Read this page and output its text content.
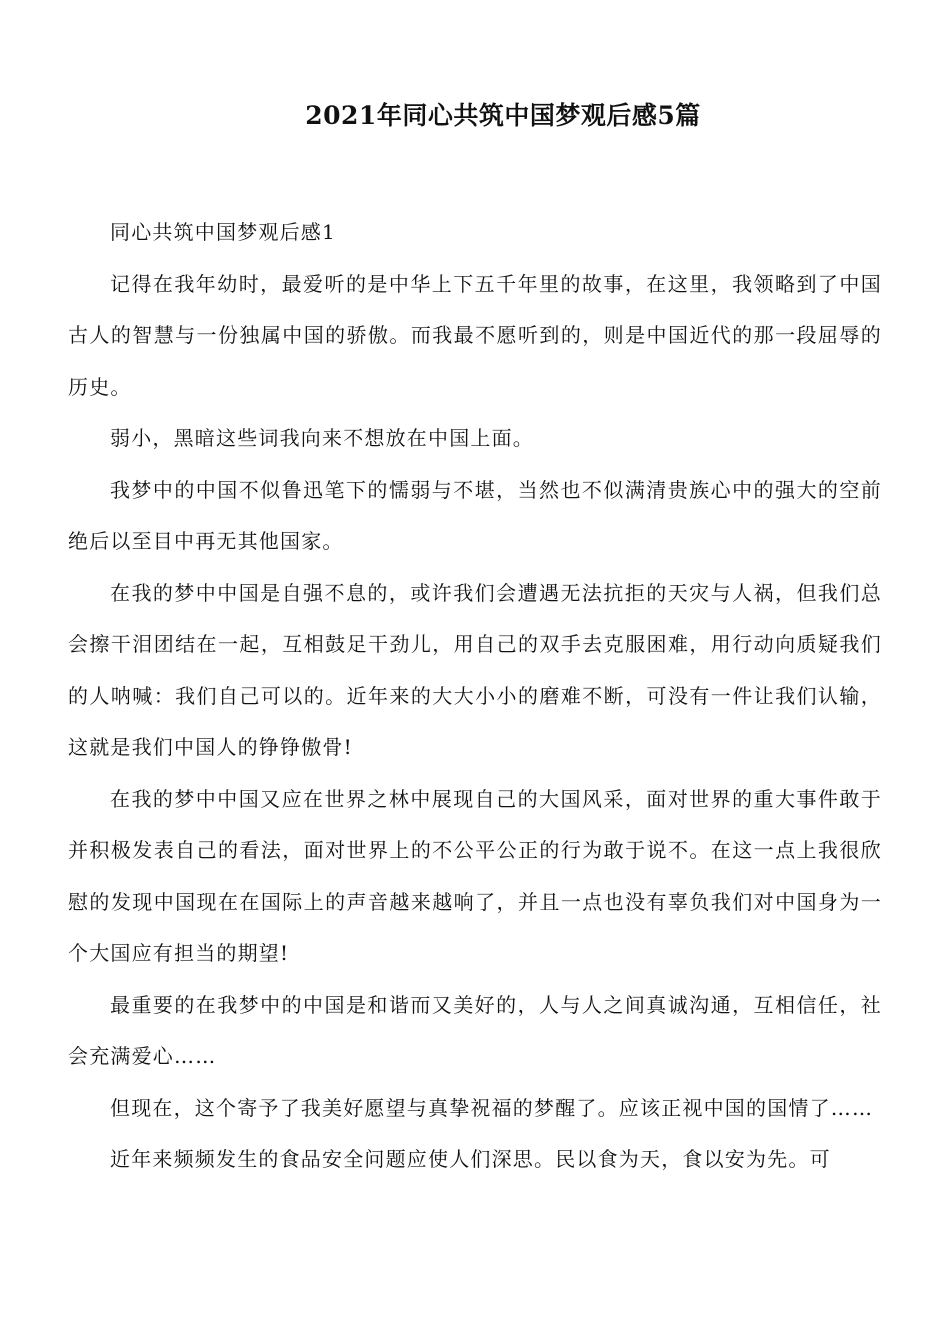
2021年同心共筑中国梦观后感5篇

同心共筑中国梦观后感1

记得在我年幼时，最爱听的是中华上下五千年里的故事，在这里，我领略到了中国古人的智慧与一份独属中国的骄傲。而我最不愿听到的，则是中国近代的那一段屈辱的历史。

弱小，黑暗这些词我向来不想放在中国上面。

我梦中的中国不似鲁迅笔下的懦弱与不堪，当然也不似满清贵族心中的强大的空前绝后以至目中再无其他国家。

在我的梦中中国是自强不息的，或许我们会遭遇无法抗拒的天灾与人祸，但我们总会擦干泪团结在一起，互相鼓足干劲儿，用自己的双手去克服困难，用行动向质疑我们的人呐喊：我们自己可以的。近年来的大大小小的磨难不断，可没有一件让我们认输，这就是我们中国人的铮铮傲骨!

在我的梦中中国又应在世界之林中展现自己的大国风采，面对世界的重大事件敢于并积极发表自己的看法，面对世界上的不公平公正的行为敢于说不。在这一点上我很欣慰的发现中国现在在国际上的声音越来越响了，并且一点也没有辜负我们对中国身为一个大国应有担当的期望!

最重要的在我梦中的中国是和谐而又美好的，人与人之间真诚沟通，互相信任，社会充满爱心……

但现在，这个寄予了我美好愿望与真挚祝福的梦醒了。应该正视中国的国情了……

近年来频频发生的食品安全问题应使人们深思。民以食为天，食以安为先。可
